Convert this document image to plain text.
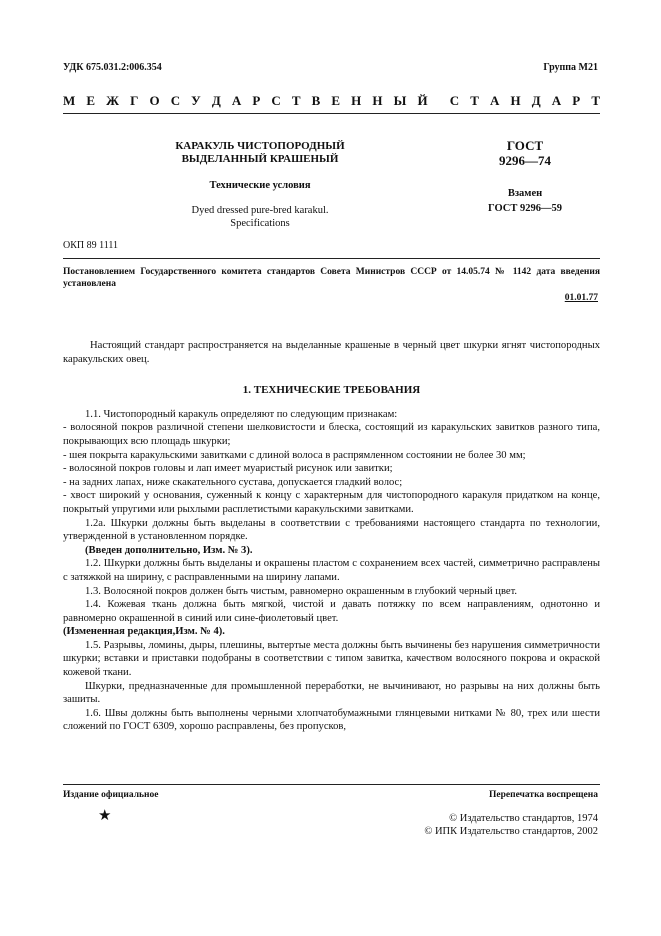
УДК 675.031.2:006.354	Группа М21
М Е Ж Г О С У Д А Р С Т В Е Н Н Ы Й С Т А Н Д А Р Т
КАРАКУЛЬ ЧИСТОПОРОДНЫЙ
ВЫДЕЛАННЫЙ КРАШЕНЫЙ
Технические условия
Dyed dressed pure-bred karakul.
Specifications
ГОСТ
9296—74
Взамен
ГОСТ 9296—59
ОКП 89 1111
Постановлением Государственного комитета стандартов Совета Министров СССР от 14.05.74 № 1142 дата введения установлена
01.01.77

Настоящий стандарт распространяется на выделанные крашеные в черный цвет шкурки ягнят чистопородных каракульских овец.

1. ТЕХНИЧЕСКИЕ ТРЕБОВАНИЯ

1.1. Чистопородный каракуль определяют по следующим признакам:

- волосяной покров различной степени шелковистости и блеска, состоящий из каракульских завитков разного типа, покрывающих всю площадь шкурки;

- шея покрыта каракульскими завитками с длиной волоса в распрямленном состоянии не более 30 мм;

- волосяной покров головы и лап имеет муаристый рисунок или завитки;

- на задних лапах, ниже скакательного сустава, допускается гладкий волос;

- хвост широкий у основания, суженный к концу с характерным для чистопородного каракуля придатком на конце, покрытый упругими или рыхлыми расплетистыми каракульскими завитками.

1.2а. Шкурки должны быть выделаны в соответствии с требованиями настоящего стандарта по технологии, утвержденной в установленном порядке.

(Введен дополнительно, Изм. № 3).

1.2. Шкурки должны быть выделаны и окрашены пластом с сохранением всех частей, симметрично расправлены с затяжкой на ширину, с расправленными на ширину лапами.

1.3. Волосяной покров должен быть чистым, равномерно окрашенным в глубокий черный цвет.

1.4. Кожевая ткань должна быть мягкой, чистой и давать потяжку по всем направлениям, однотонно и равномерно окрашенной в синий или сине-фиолетовый цвет.

(Измененная редакция,Изм. № 4).

1.5. Разрывы, ломины, дыры, плешины, вытертые места должны быть вычинены без нарушения симметричности шкурки; вставки и приставки подобраны в соответствии с типом завитка, качеством волосяного покрова и окраской кожевой ткани.

Шкурки, предназначенные для промышленной переработки, не вычинивают, но разрывы на них должны быть зашиты.

1.6. Швы должны быть выполнены черными хлопчатобумажными глянцевыми нитками № 80, трех или шести сложений по ГОСТ 6309, хорошо расправлены, без пропусков,

Издание официальное	Перепечатка воспрещена
★	© Издательство стандартов, 1974
© ИПК Издательство стандартов, 2002
